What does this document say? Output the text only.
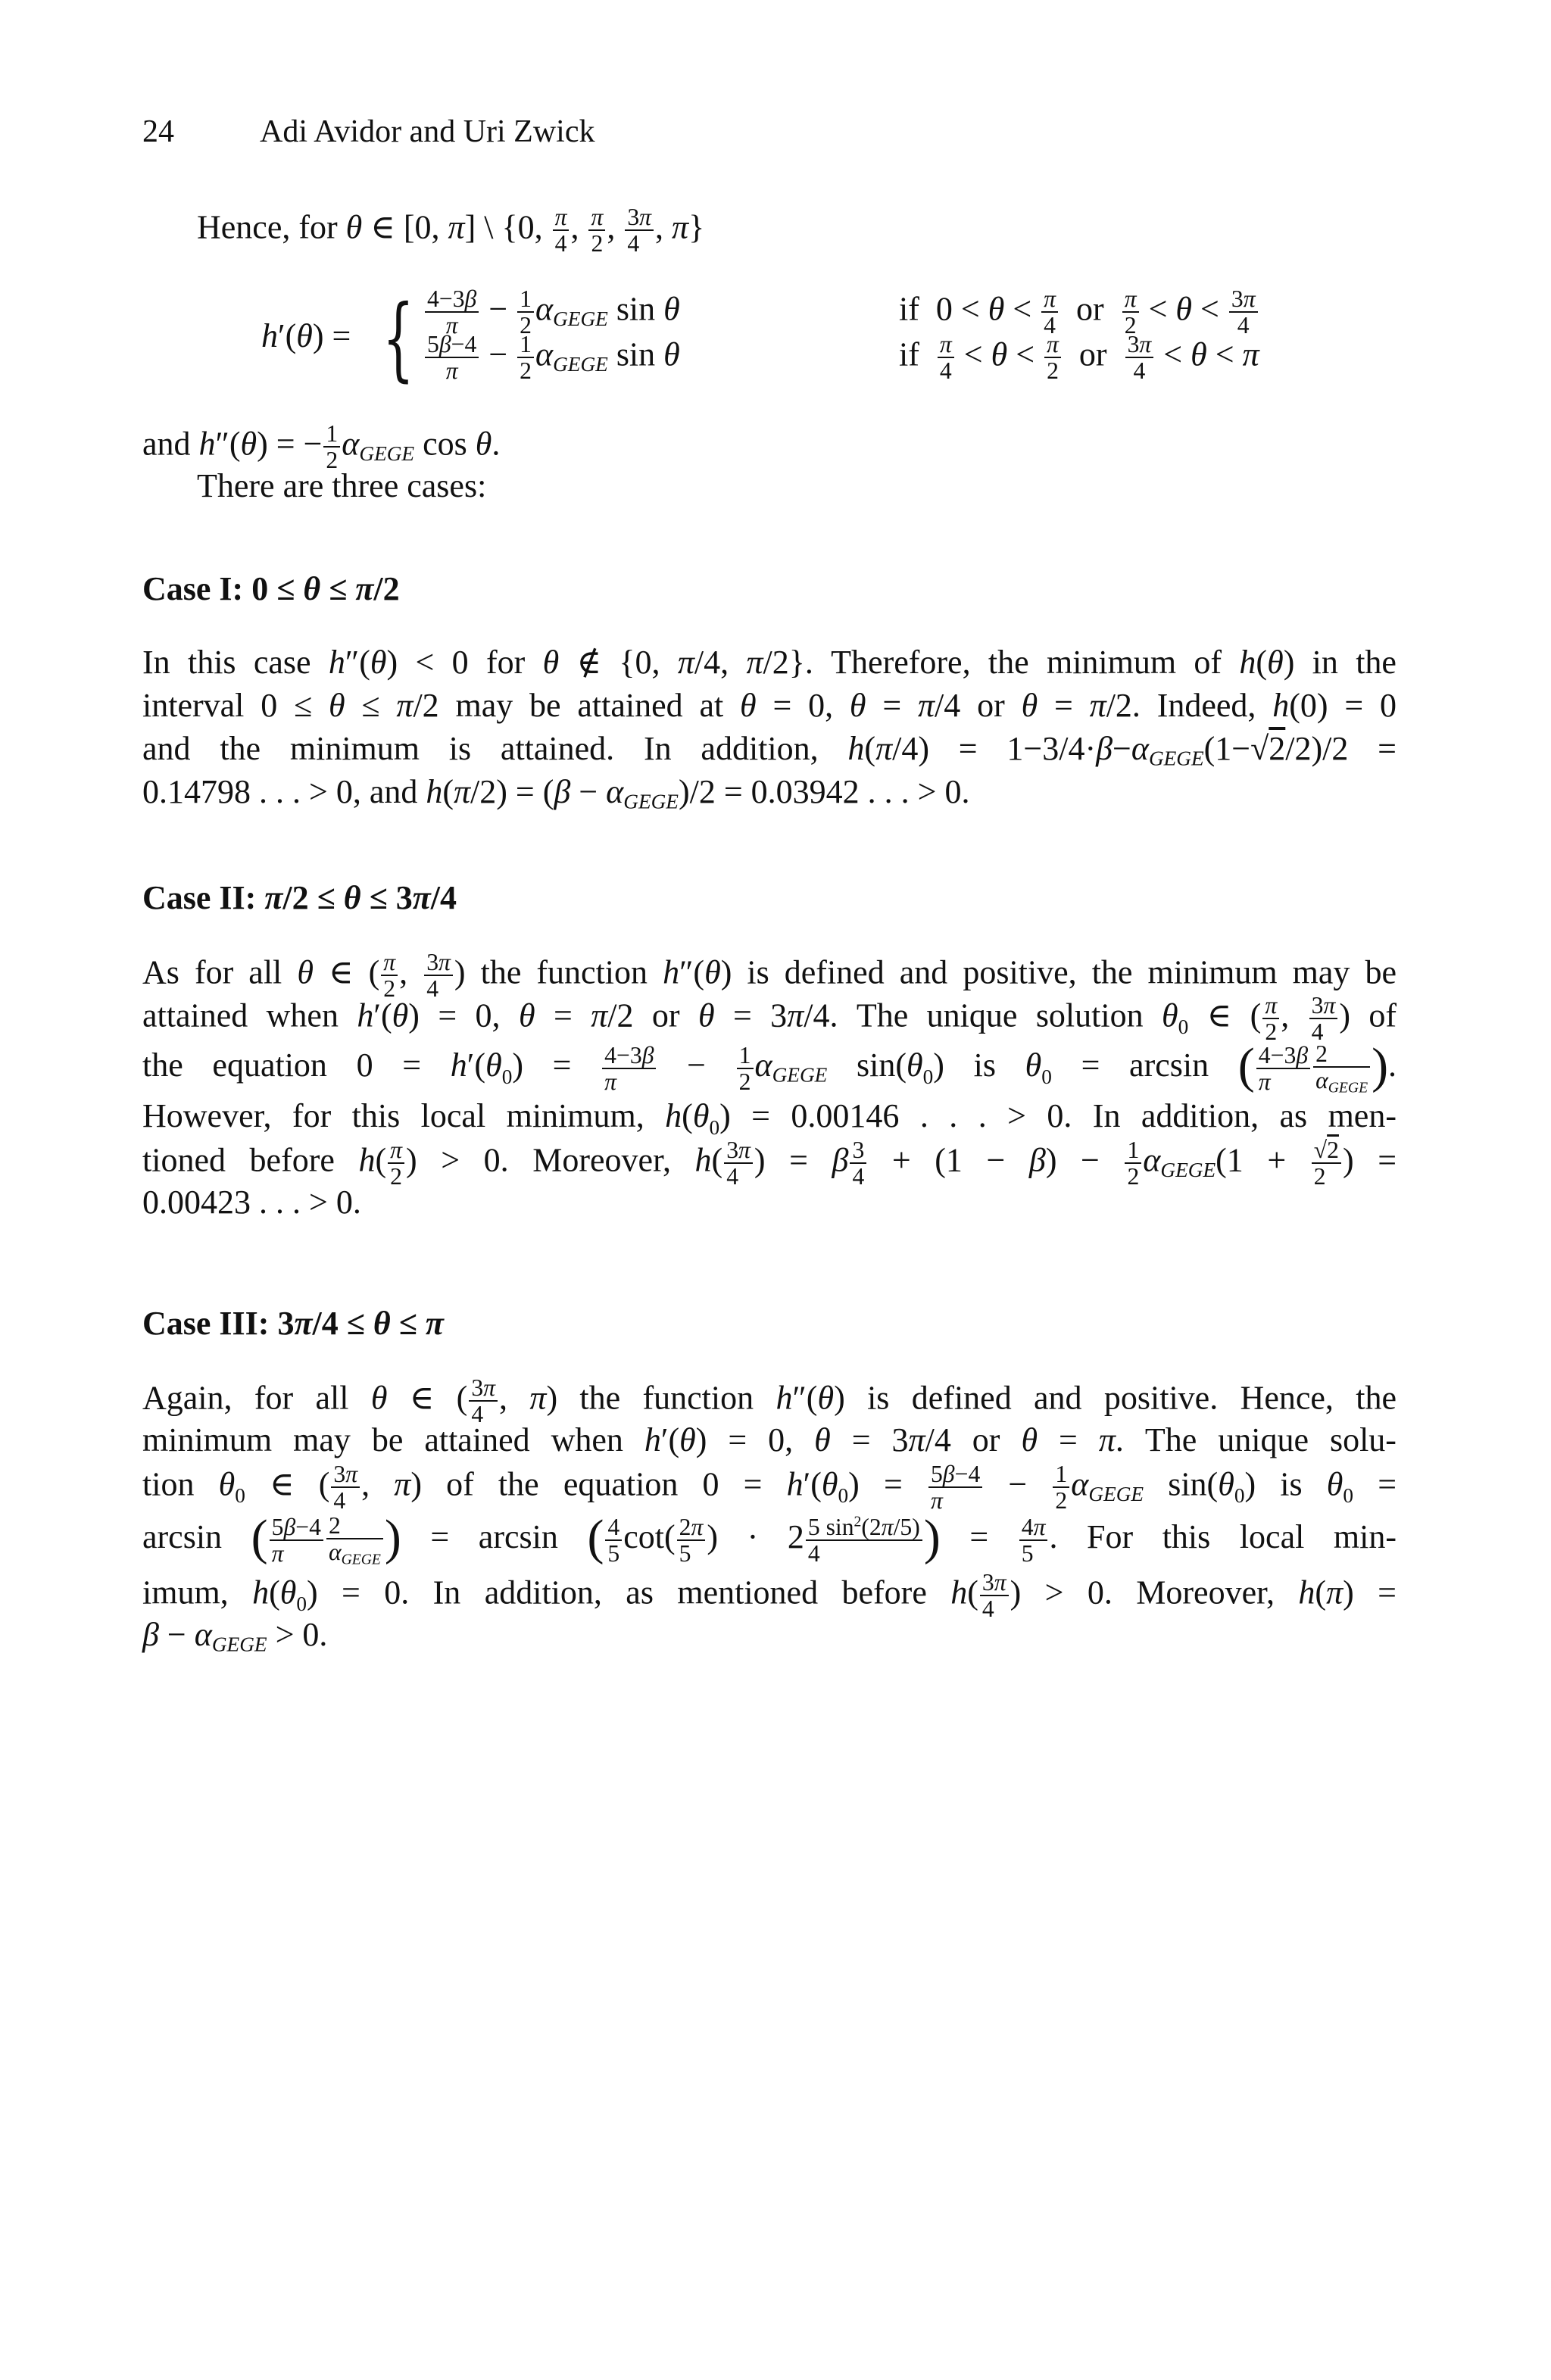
24	Adi Avidor and Uri Zwick
Hence, for θ ∈ [0, π] \ {0, $\frac{\pi}{4}$ , $\frac{\pi}{2}$ , $\frac{3\pi}{4}$ , π}
h′(θ) = { $\frac{4-3\beta}{\pi} - \frac{1}{2}$ αGEGE sin θ
$\frac{5\beta-4}{\pi} - \frac{1}{2}$ αGEGE sin θ
if  $0 < \theta < \frac{\pi}{4}$ or $\frac{\pi}{2} < \theta < \frac{3\pi}{4}$
if $\frac{\pi}{4} < \theta < \frac{\pi}{2}$ or $\frac{3\pi}{4} < \theta < \pi$
and h″(θ) = − $\frac{1}{2}$ αGEGE cos θ.
There are three cases:
Case I: 0 ≤ θ ≤ π/2
In this case h″(θ) < 0 for θ ∉ {0, π/4, π/2}. Therefore, the minimum of h(θ) in the
interval 0 ≤ θ ≤ π/2 may be attained at θ = 0, θ = π/4 or θ = π/2. Indeed, h(0) = 0
and the minimum is attained. In addition, h(π/4) = 1−3/4·β−αGEGE(1−√2/2)/2 =
0.14798 . . . > 0, and h(π/2) = (β − αGEGE)/2 = 0.03942 . . . > 0.
Case II: π/2 ≤ θ ≤ 3π/4
As for all θ ∈ ( $\frac{\pi}{2}$ , $\frac{3\pi}{4}$ ) the function h″(θ) is defined and positive, the minimum may be
attained when h′(θ) = 0, θ = π/2 or θ = 3π/4. The unique solution $\theta_0$ ∈ ( $\frac{\pi}{2}$ , $\frac{3\pi}{4}$ ) of
the equation $0 = h'(\theta_0) = \frac{4-3\beta}{\pi} - \frac{1}{2}$ αGEGE $\sin(\theta_0)$ is $\theta_0 = \arcsin$ ( $\frac{4-3\beta}{\pi} \frac{2}{\text{αGEGE}}$ ).
However, for this local minimum, $h(\theta_0) = 0.00146$ . . . > 0. In addition, as men-
tioned before $h( \frac{\pi}{2}$ ) > 0. Moreover, $h( \frac{3\pi}{4}$ ) = β $\frac{3}{4} + (1 - \beta) - \frac{1}{2}$ αGEGE(1 + $\frac{√2}{2}$ ) =
0.00423 . . . > 0.
Case III: 3π/4 ≤ θ ≤ π
Again, for all θ ∈ ( $\frac{3\pi}{4}$ , π) the function h″(θ) is defined and positive. Hence, the
minimum may be attained when h′(θ) = 0, θ = 3π/4 or θ = π. The unique solu-
tion $\theta_0$ ∈ ( $\frac{3\pi}{4}$ , π) of the equation $0 = h'(\theta_0) = \frac{5\beta-4}{\pi} - \frac{1}{2}$ αGEGE $\sin(\theta_0)$ is $\theta_0$ =
arcsin ( $\frac{5\beta-4}{\pi} \frac{2}{\text{αGEGE}}$ ) = arcsin ( $\frac{4}{5} \cot( \frac{2\pi}{5}$ ) · $2 \frac{5 \sin^2(2\pi/5)}{4}$ ) = $\frac{4\pi}{5}$ . For this local min-
imum, $h(\theta_0) = 0$. In addition, as mentioned before $h( \frac{3\pi}{4}$ ) > 0. Moreover, h(π) =
β − αGEGE > 0.
